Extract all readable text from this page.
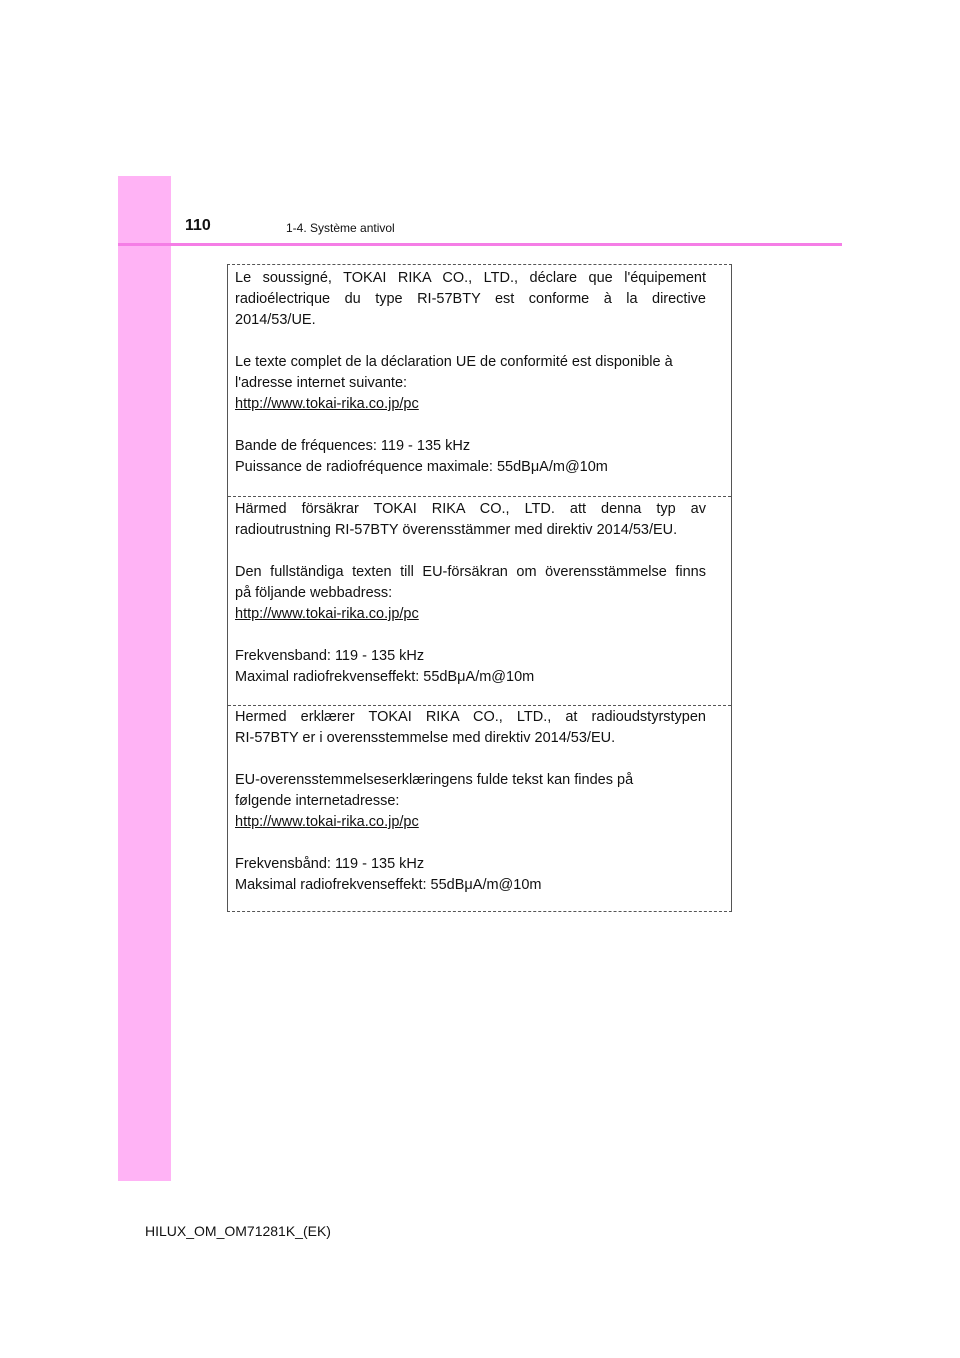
110	1-4. Système antivol
Le soussigné, TOKAI RIKA CO., LTD., déclare que l'équipement
radioélectrique du type RI-57BTY est conforme à la directive
2014/53/UE.
Le texte complet de la déclaration UE de conformité est disponible à
l'adresse internet suivante:
http://www.tokai-rika.co.jp/pc
Bande de fréquences: 119 - 135 kHz
Puissance de radiofréquence maximale: 55dBμA/m@10m
Härmed försäkrar TOKAI RIKA CO., LTD. att denna typ av
radioutrustning RI-57BTY överensstämmer med direktiv 2014/53/EU.
Den fullständiga texten till EU-försäkran om överensstämmelse finns
på följande webbadress:
http://www.tokai-rika.co.jp/pc
Frekvensband: 119 - 135 kHz
Maximal radiofrekvenseffekt: 55dBμA/m@10m
Hermed erklærer TOKAI RIKA CO., LTD., at radioudstyrstypen
RI-57BTY er i overensstemmelse med direktiv 2014/53/EU.
EU-overensstemmelseserklæringens fulde tekst kan findes på
følgende internetadresse:
http://www.tokai-rika.co.jp/pc
Frekvensbånd: 119 - 135 kHz
Maksimal radiofrekvenseffekt: 55dBμA/m@10m
HILUX_OM_OM71281K_(EK)
